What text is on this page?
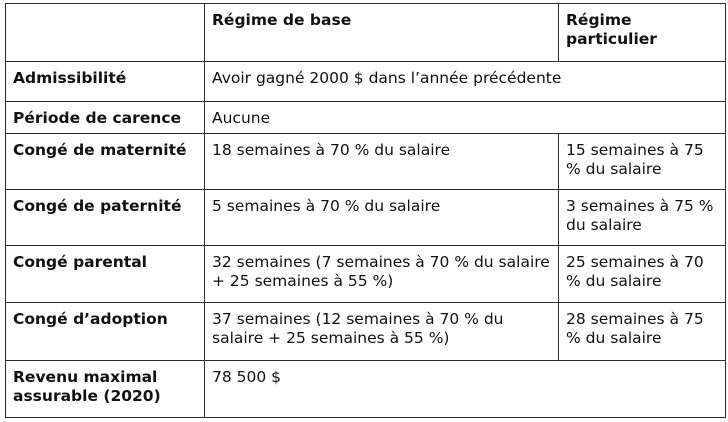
	Régime de base	Régime particulier
Admissibilité	Avoir gagné 2000 $ dans l’année précédente	
Période de carence	Aucune	
Congé de maternité	18 semaines à 70 % du salaire	15 semaines à 75 % du salaire
Congé de paternité	5 semaines à 70 % du salaire	3 semaines à 75 % du salaire
Congé parental	32 semaines (7 semaines à 70 % du salaire + 25 semaines à 55 %)	25 semaines à 70 % du salaire
Congé d’adoption	37 semaines (12 semaines à 70 % du salaire + 25 semaines à 55 %)	28 semaines à 75 % du salaire
Revenu maximal assurable (2020)	78 500 $	
